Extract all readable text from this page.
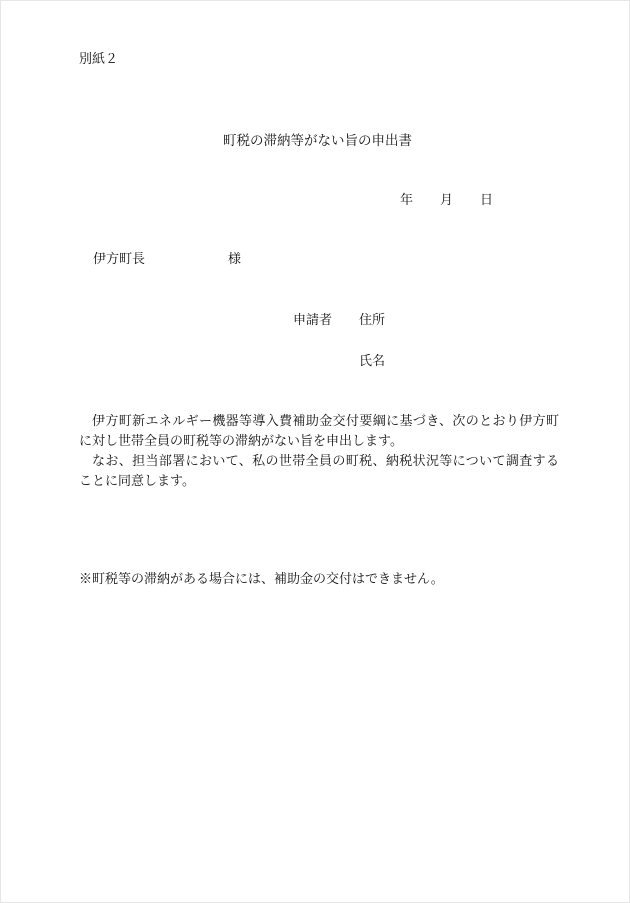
別紙２
町税の滞納等がない旨の申出書
年 月 日
伊方町長	様
申請者 住所
氏名

伊方町新エネルギー機器等導入費補助金交付要綱に基づき、次のとおり伊方町に対し世帯全員の町税等の滞納がない旨を申出します。

なお、担当部署において、私の世帯全員の町税、納税状況等について調査することに同意します。

※町税等の滞納がある場合には、補助金の交付はできません。
